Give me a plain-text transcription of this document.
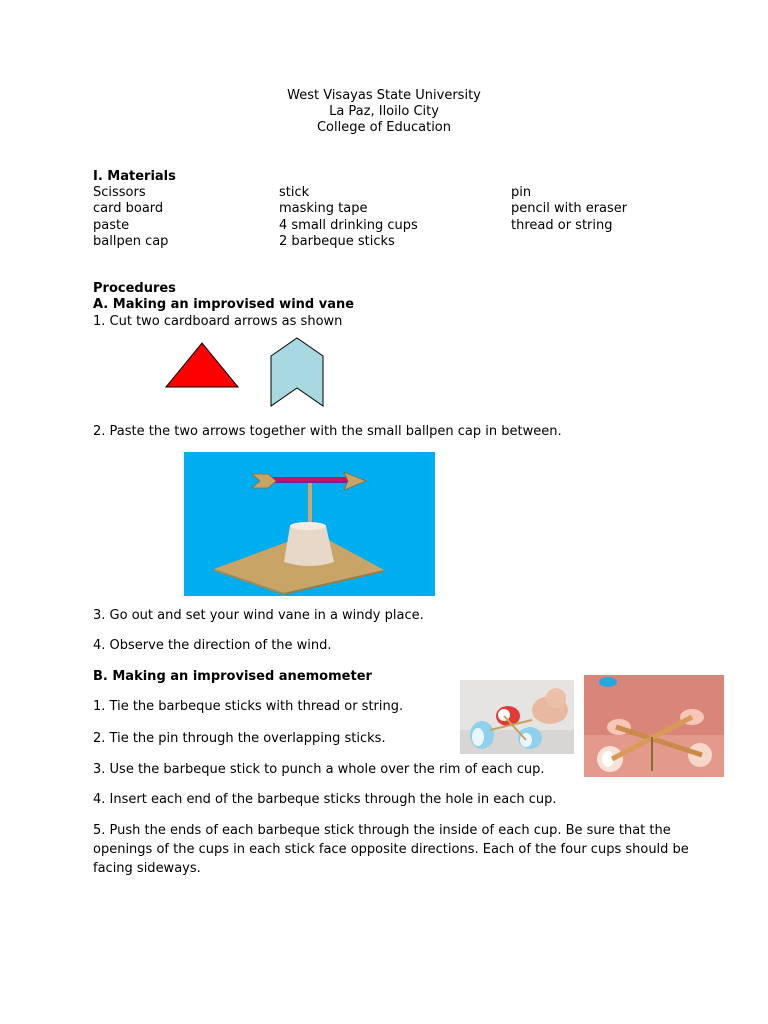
West Visayas State University
La Paz, Iloilo City
College of Education
I. Materials
Scissors
card board
paste
ballpen cap
stick
masking tape
4 small drinking cups
2 barbeque sticks
pin
pencil with eraser
thread or string
Procedures
A. Making an improvised wind vane
1. Cut two cardboard arrows as shown
2. Paste the two arrows together with the small ballpen cap in between.
3. Go out and set your wind vane in a windy place.
4. Observe the direction of the wind.
B. Making an improvised anemometer
1. Tie the barbeque sticks with thread or string.
2. Tie the pin through the overlapping sticks.
3. Use the barbeque stick to punch a whole over the rim of each cup.
4. Insert each end of the barbeque sticks through the hole in each cup.
5. Push the ends of each barbeque stick through the inside of each cup. Be sure that the openings of the cups in each stick face opposite directions. Each of the four cups should be facing sideways.
